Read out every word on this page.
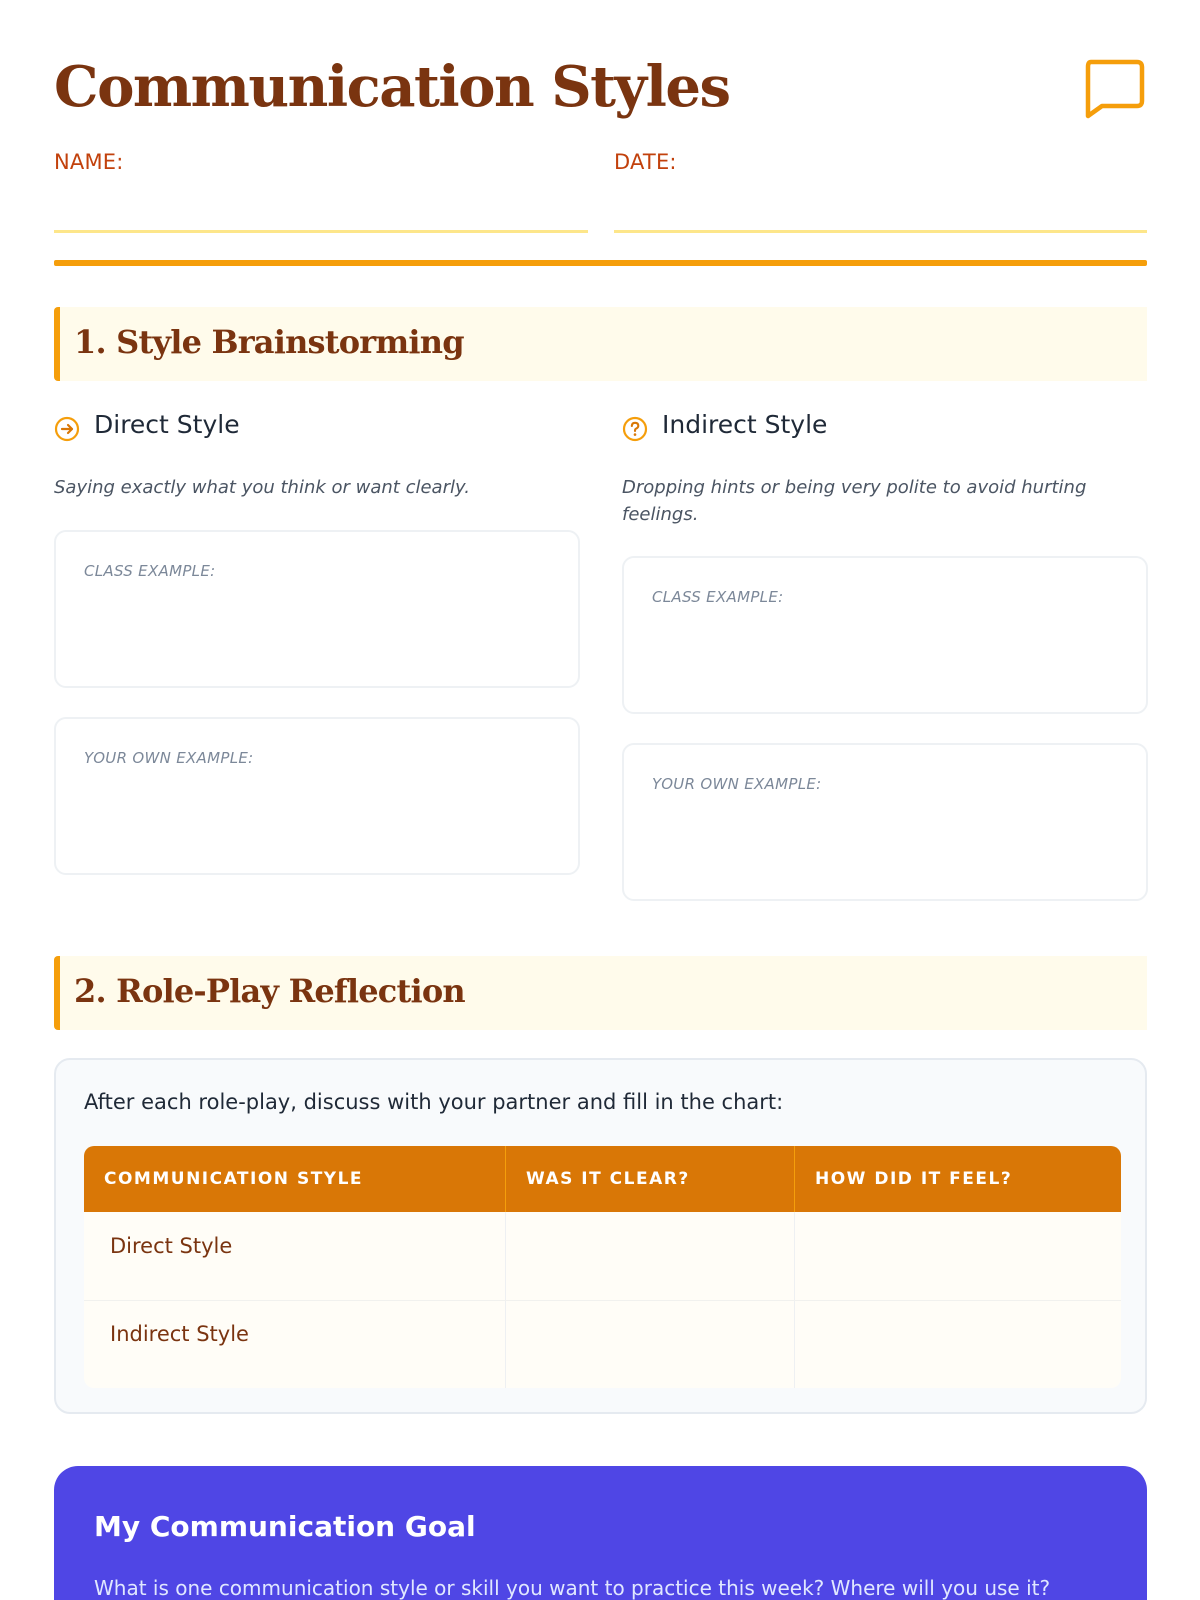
Communication Styles
NAME:	DATE:
1. Style Brainstorming
Direct Style
Saying exactly what you think or want clearly.
CLASS EXAMPLE:
YOUR OWN EXAMPLE:
Indirect Style
Dropping hints or being very polite to avoid hurting feelings.
CLASS EXAMPLE:
YOUR OWN EXAMPLE:
2. Role-Play Reflection
After each role-play, discuss with your partner and fill in the chart:
COMMUNICATION STYLE	WAS IT CLEAR?	HOW DID IT FEEL?
Direct Style
Indirect Style
My Communication Goal
What is one communication style or skill you want to practice this week? Where will you use it?
